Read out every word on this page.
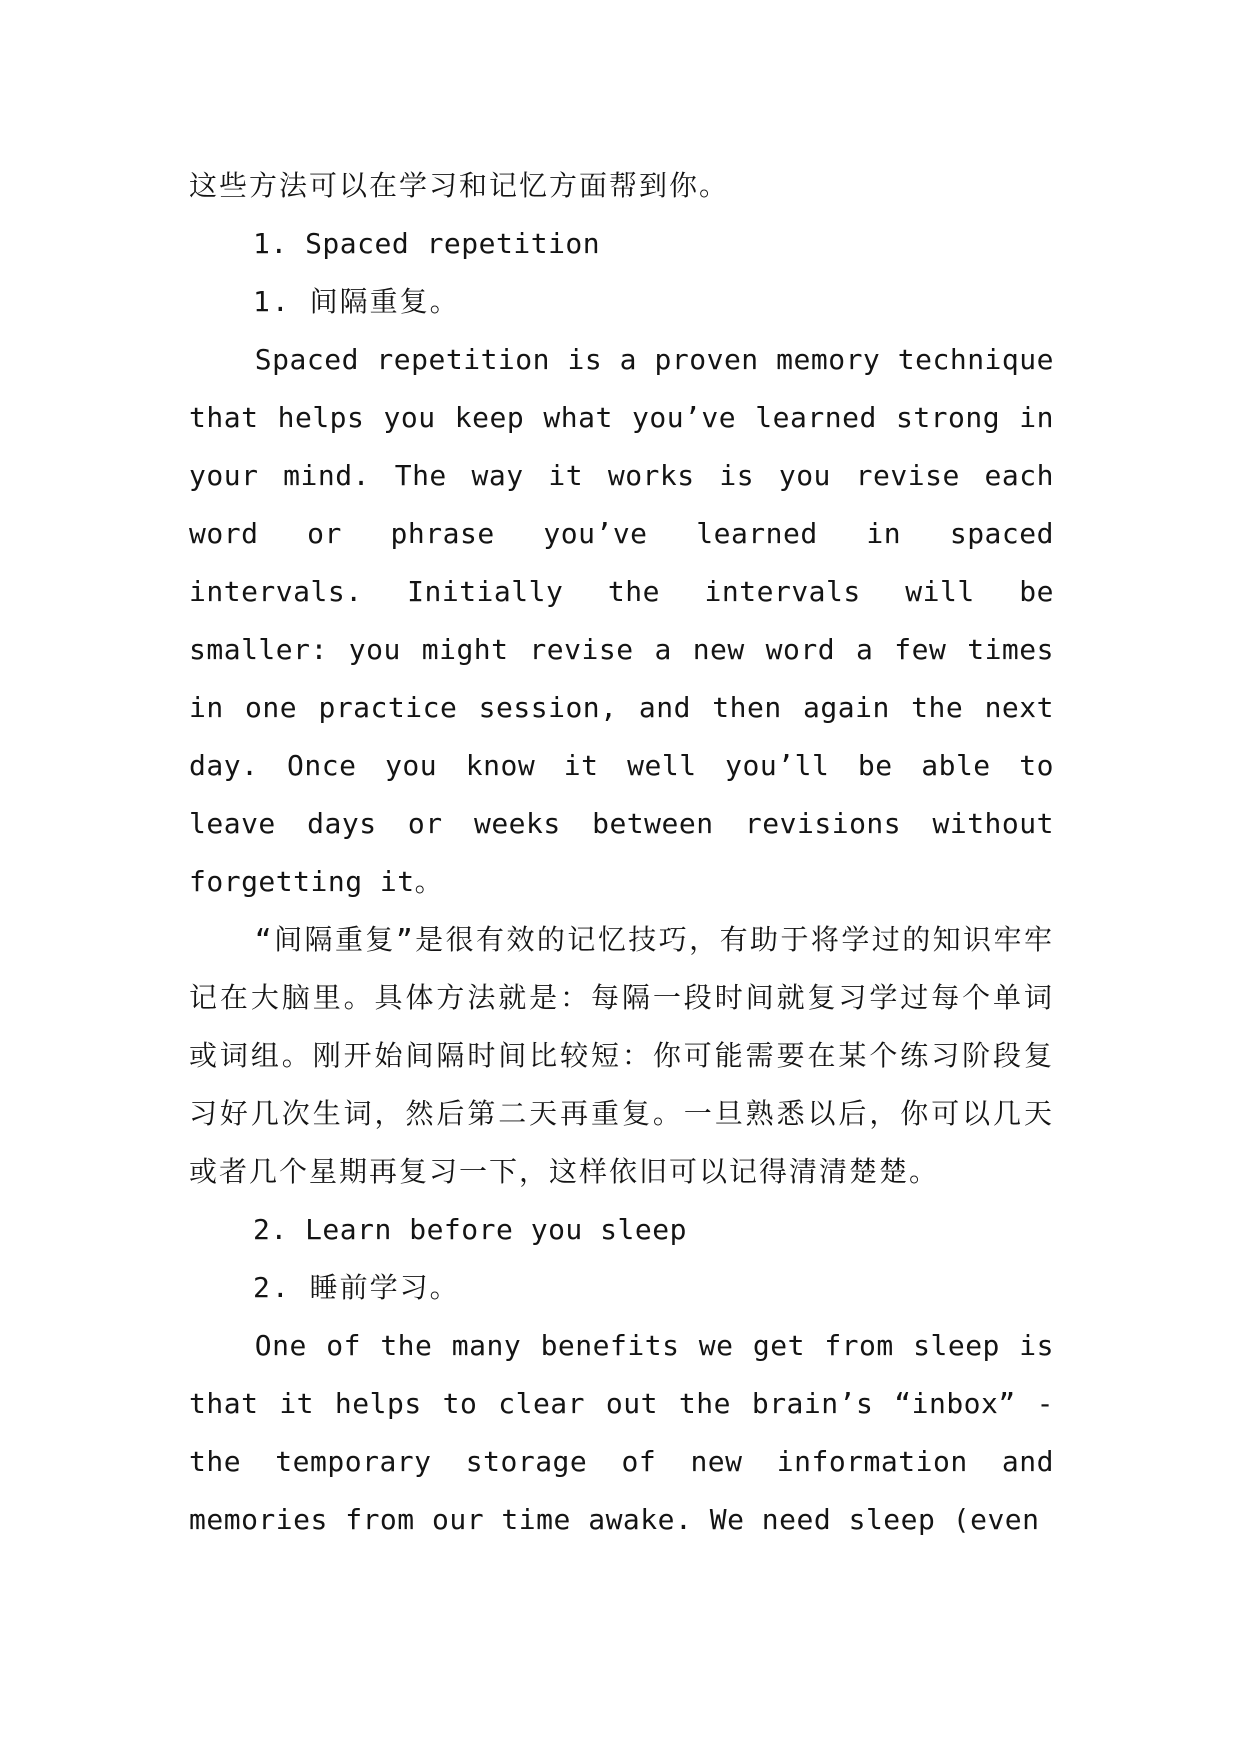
这些方法可以在学习和记忆方面帮到你。

1. Spaced repetition

1. 间隔重复。

Spaced repetition is a proven memory technique that helps you keep what you’ve learned strong in your mind. The way it works is you revise each word or phrase you’ve learned in spaced intervals. Initially the intervals will be smaller: you might revise a new word a few times in one practice session, and then again the next day. Once you know it well you’ll be able to leave days or weeks between revisions without forgetting it。

“间隔重复”是很有效的记忆技巧，有助于将学过的知识牢牢记在大脑里。具体方法就是：每隔一段时间就复习学过每个单词或词组。刚开始间隔时间比较短：你可能需要在某个练习阶段复习好几次生词，然后第二天再重复。一旦熟悉以后，你可以几天或者几个星期再复习一下，这样依旧可以记得清清楚楚。

2. Learn before you sleep

2. 睡前学习。

One of the many benefits we get from sleep is that it helps to clear out the brain’s “inbox” - the temporary storage of new information and memories from our time awake. We need sleep (even
